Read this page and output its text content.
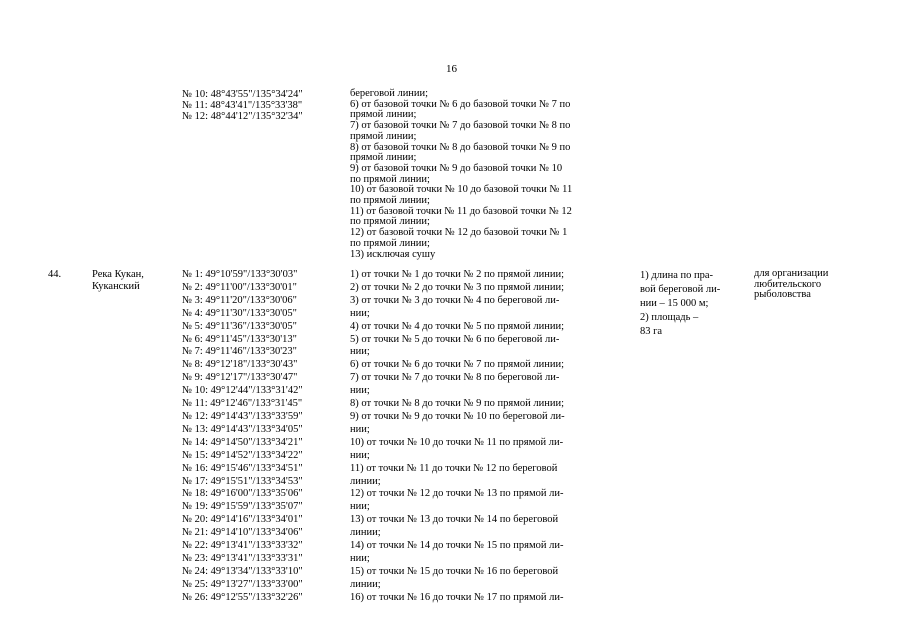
16
№ 10: 48°43'55"/135°34'24"
№ 11: 48°43'41"/135°33'38"
№ 12: 48°44'12"/135°32'34"
береговой линии;
6) от базовой точки № 6 до базовой точки № 7 по
прямой линии;
7) от базовой точки № 7 до базовой точки № 8 по
прямой линии;
8) от базовой точки № 8 до базовой точки № 9 по
прямой линии;
9) от базовой точки № 9 до базовой точки № 10
по прямой линии;
10) от базовой точки № 10 до базовой точки № 11
по прямой линии;
11) от базовой точки № 11 до базовой точки № 12
по прямой линии;
12) от базовой точки № 12 до базовой точки № 1
по прямой линии;
13) исключая сушу
44.	Река Кукан,
Куканский
№ 1: 49°10'59"/133°30'03"
№ 2: 49°11'00"/133°30'01"
№ 3: 49°11'20"/133°30'06"
№ 4: 49°11'30"/133°30'05"
№ 5: 49°11'36"/133°30'05"
№ 6: 49°11'45"/133°30'13"
№ 7: 49°11'46"/133°30'23"
№ 8: 49°12'18"/133°30'43"
№ 9: 49°12'17"/133°30'47"
№ 10: 49°12'44"/133°31'42"
№ 11: 49°12'46"/133°31'45"
№ 12: 49°14'43"/133°33'59"
№ 13: 49°14'43"/133°34'05"
№ 14: 49°14'50"/133°34'21"
№ 15: 49°14'52"/133°34'22"
№ 16: 49°15'46"/133°34'51"
№ 17: 49°15'51"/133°34'53"
№ 18: 49°16'00"/133°35'06"
№ 19: 49°15'59"/133°35'07"
№ 20: 49°14'16"/133°34'01"
№ 21: 49°14'10"/133°34'06"
№ 22: 49°13'41"/133°33'32"
№ 23: 49°13'41"/133°33'31"
№ 24: 49°13'34"/133°33'10"
№ 25: 49°13'27"/133°33'00"
№ 26: 49°12'55"/133°32'26"
1) от точки № 1 до точки № 2 по прямой линии;
2) от точки № 2 до точки № 3 по прямой линии;
3) от точки № 3 до точки № 4 по береговой ли-
нии;
4) от точки № 4 до точки № 5 по прямой линии;
5) от точки № 5 до точки № 6 по береговой ли-
нии;
6) от точки № 6 до точки № 7 по прямой линии;
7) от точки № 7 до точки № 8 по береговой ли-
нии;
8) от точки № 8 до точки № 9 по прямой линии;
9) от точки № 9 до точки № 10 по береговой ли-
нии;
10) от точки № 10 до точки № 11 по прямой ли-
нии;
11) от точки № 11 до точки № 12 по береговой
линии;
12) от точки № 12 до точки № 13 по прямой ли-
нии;
13) от точки № 13 до точки № 14 по береговой
линии;
14) от точки № 14 до точки № 15 по прямой ли-
нии;
15) от точки № 15 до точки № 16 по береговой
линии;
16) от точки № 16 до точки № 17 по прямой ли-
1) длина по пра-
вой береговой ли-
нии – 15 000 м;
2) площадь –
83 га
для организации
любительского
рыболовства
